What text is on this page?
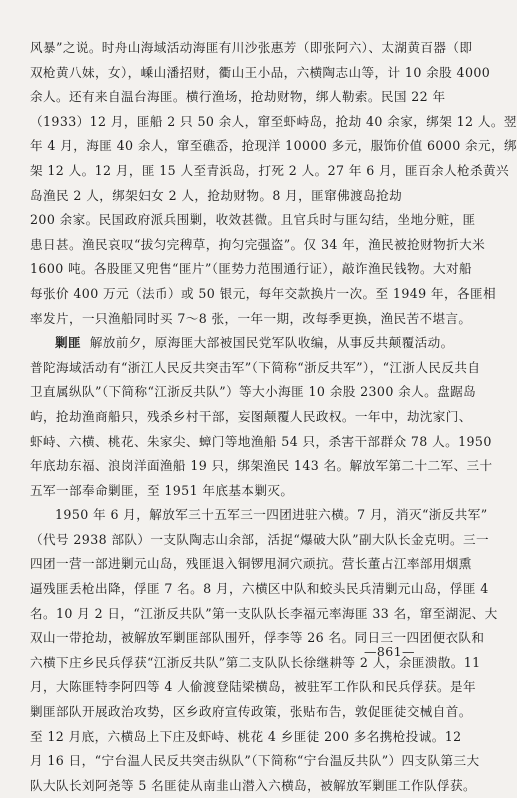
风暴”之说。时舟山海域活动海匪有川沙张惠芳（即张阿六）、太湖黄百器（即
双枪黄八妹，女），嵊山潘招财，衢山王小品，六横陶志山等，计 10 余股 4000
余人。还有来自温台海匪。横行渔场，抢劫财物，绑人勒索。民国 22 年
（1933）12 月，匪船 2 只 50 余人，窜至虾峙岛，抢劫 40 余家，绑架 12 人。翌
年 4 月，海匪 40 余人，窜至礁岙，抢现洋 10000 多元，服饰价值 6000 余元，绑
架 12 人。12 月，匪 15 人至青浜岛，打死 2 人。27 年 6 月，匪百余人枪杀黄兴
岛渔民 2 人，绑架妇女 2 人，抢劫财物。8 月，匪窜佛渡岛抢劫
200 余家。民国政府派兵围剿，收效甚微。且官兵时与匪勾结，坐地分赃，匪
患日甚。渔民哀叹“拔匀完稗草，拘匀完强盗”。仅 34 年，渔民被抢财物折大米
1600 吨。各股匪又兜售“匪片”（匪势力范围通行证），敲诈渔民钱物。大对船
每张价 400 万元（法币）或 50 银元，每年交款换片一次。至 1949 年，各匪相
率发片，一只渔船同时买 7～8 张，一年一期，改每季更换，渔民苦不堪言。
剿匪 解放前夕，原海匪大部被国民党军队收编，从事反共颠覆活动。
普陀海域活动有“浙江人民反共突击军”（下简称“浙反共军”），“江浙人民反共自
卫直属纵队”（下简称“江浙反共队”）等大小海匪 10 余股 2300 余人。盘踞岛
屿，抢劫渔商船只，残杀乡村干部，妄图颠覆人民政权。一年中，劫沈家门、
虾峙、六横、桃花、朱家尖、蟑门等地渔船 54 只，杀害干部群众 78 人。1950
年底劫东福、浪岗洋面渔船 19 只，绑架渔民 143 名。解放军第二十二军、三十
五军一部奉命剿匪，至 1951 年底基本剿灭。
1950 年 6 月，解放军三十五军三一四团进驻六横。7 月，消灭“浙反共军”
（代号 2938 部队）一支队陶志山余部，活捉“爆破大队”副大队长金克明。三一
四团一营一部进剿元山岛，残匪退入铜锣甩洞穴顽抗。营长董占江率部用烟熏
逼残匪丢枪出降，俘匪 7 名。8 月，六横区中队和蛟头民兵清剿元山岛，俘匪 4
名。10 月 2 日，“江浙反共队”第一支队队长李福元率海匪 33 名，窜至湖泥、大
双山一带抢劫，被解放军剿匪部队围歼，俘李等 26 名。同日三一四团便衣队和
六横下庄乡民兵俘获“江浙反共队”第二支队队长徐继耕等 2 人，余匪溃散。11
月，大陈匪特李阿四等 4 人偷渡登陆梁横岛，被驻军工作队和民兵俘获。是年
剿匪部队开展政治攻势，区乡政府宣传政策，张贴布告，敦促匪徒交械自首。
至 12 月底，六横岛上下庄及虾峙、桃花 4 乡匪徒 200 多名携枪投诚。12
月 16 日，“宁台温人民反共突击纵队”（下简称“宁台温反共队”）四支队第三大
队大队长刘阿尧等 5 名匪徒从南韭山潜入六横岛，被解放军剿匪工作队俘获。
—861—
